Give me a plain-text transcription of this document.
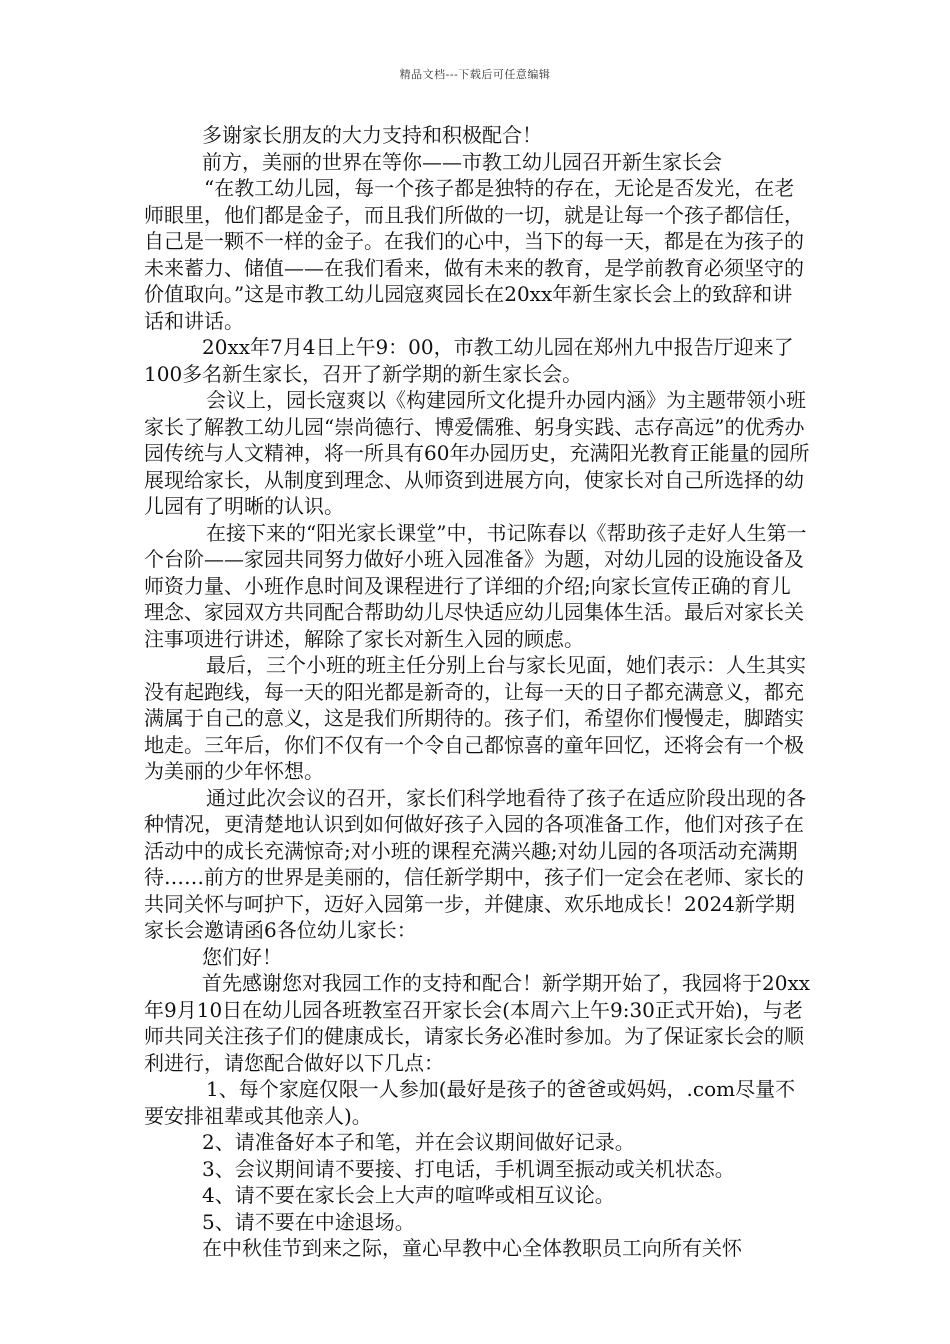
精品文档---下载后可任意编辑

多谢家长朋友的大力支持和积极配合！

前方，美丽的世界在等你——市教工幼儿园召开新生家长会

“在教工幼儿园，每一个孩子都是独特的存在，无论是否发光，在老师眼里，他们都是金子，而且我们所做的一切，就是让每一个孩子都信任，自己是一颗不一样的金子。在我们的心中，当下的每一天，都是在为孩子的未来蓄力、储值——在我们看来，做有未来的教育，是学前教育必须坚守的价值取向。”这是市教工幼儿园寇爽园长在20xx年新生家长会上的致辞和讲话和讲话。

20xx年7月4日上午9：00，市教工幼儿园在郑州九中报告厅迎来了100多名新生家长，召开了新学期的新生家长会。

会议上，园长寇爽以《构建园所文化提升办园内涵》为主题带领小班家长了解教工幼儿园“崇尚德行、博爱儒雅、躬身实践、志存高远”的优秀办园传统与人文精神，将一所具有60年办园历史，充满阳光教育正能量的园所展现给家长，从制度到理念、从师资到进展方向，使家长对自己所选择的幼儿园有了明晰的认识。

在接下来的“阳光家长课堂”中，书记陈春以《帮助孩子走好人生第一个台阶——家园共同努力做好小班入园准备》为题，对幼儿园的设施设备及师资力量、小班作息时间及课程进行了详细的介绍;向家长宣传正确的育儿理念、家园双方共同配合帮助幼儿尽快适应幼儿园集体生活。最后对家长关注事项进行讲述，解除了家长对新生入园的顾虑。

最后，三个小班的班主任分别上台与家长见面，她们表示：人生其实没有起跑线，每一天的阳光都是新奇的，让每一天的日子都充满意义，都充满属于自己的意义，这是我们所期待的。孩子们，希望你们慢慢走，脚踏实地走。三年后，你们不仅有一个令自己都惊喜的童年回忆，还将会有一个极为美丽的少年怀想。

通过此次会议的召开，家长们科学地看待了孩子在适应阶段出现的各种情况，更清楚地认识到如何做好孩子入园的各项准备工作，他们对孩子在活动中的成长充满惊奇;对小班的课程充满兴趣;对幼儿园的各项活动充满期待……前方的世界是美丽的，信任新学期中，孩子们一定会在老师、家长的共同关怀与呵护下，迈好入园第一步，并健康、欢乐地成长！2024新学期家长会邀请函6各位幼儿家长：

您们好！

首先感谢您对我园工作的支持和配合！新学期开始了，我园将于20xx年9月10日在幼儿园各班教室召开家长会(本周六上午9:30正式开始)，与老师共同关注孩子们的健康成长，请家长务必准时参加。为了保证家长会的顺利进行，请您配合做好以下几点：

1、每个家庭仅限一人参加(最好是孩子的爸爸或妈妈，.com尽量不要安排祖辈或其他亲人)。

2、请准备好本子和笔，并在会议期间做好记录。

3、会议期间请不要接、打电话，手机调至振动或关机状态。

4、请不要在家长会上大声的喧哗或相互议论。

5、请不要在中途退场。

在中秋佳节到来之际，童心早教中心全体教职员工向所有关怀
